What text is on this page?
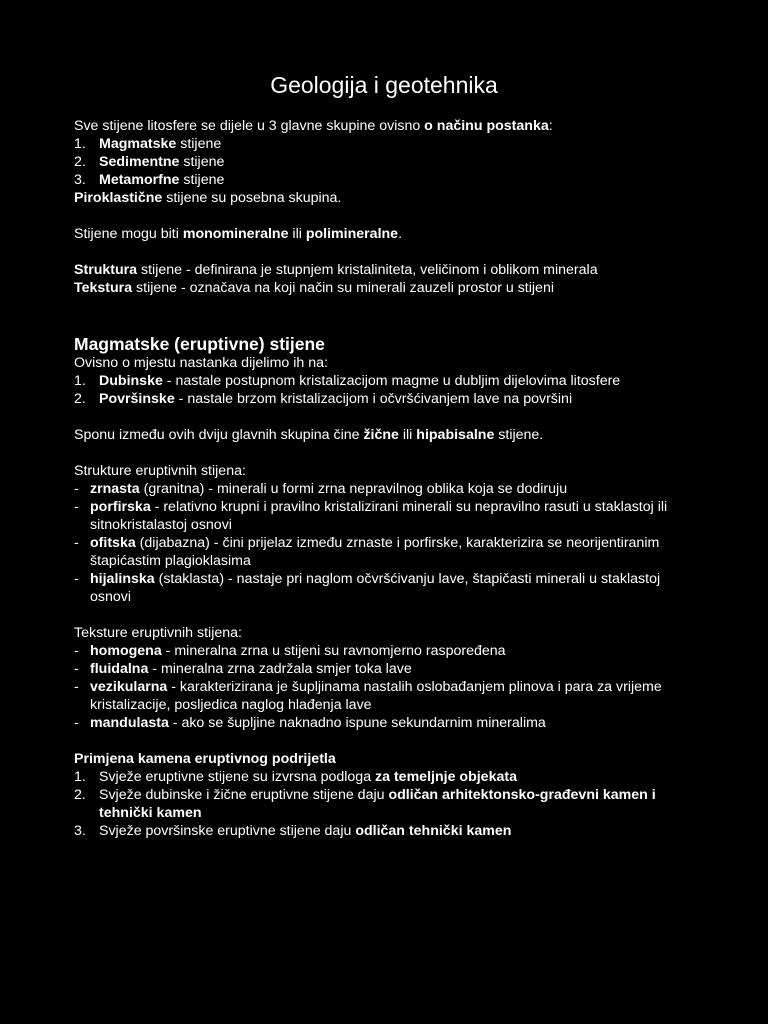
Geologija i geotehnika
Sve stijene litosfere se dijele u 3 glavne skupine ovisno o načinu postanka:
1. Magmatske stijene
2. Sedimentne stijene
3. Metamorfne stijene
Piroklastične stijene su posebna skupina.
Stijene mogu biti monomineralne ili polimineralne.
Struktura stijene - definirana je stupnjem kristaliniteta, veličinom i oblikom minerala
Tekstura stijene - označava na koji način su minerali zauzeli prostor u stijeni
Magmatske (eruptivne) stijene
Ovisno o mjestu nastanka dijelimo ih na:
1. Dubinske - nastale postupnom kristalizacijom magme u dubljim dijelovima litosfere
2. Površinske - nastale brzom kristalizacijom i očvršćivanjem lave na površini
Sponu između ovih dviju glavnih skupina čine žične ili hipabisalne stijene.
Strukture eruptivnih stijena:
- zrnasta (granitna) - minerali u formi zrna nepravilnog oblika koja se dodiruju
- porfirska - relativno krupni i pravilno kristalizirani minerali su nepravilno rasuti u staklastoj ili sitnokristalastoj osnovi
- ofitska (dijabazna) - čini prijelaz između zrnaste i porfirske, karakterizira se neorijentiranim štapićastim plagioklasima
- hijalinska (staklasta) - nastaje pri naglom očvršćivanju lave, štapičasti minerali u staklastoj osnovi
Teksture eruptivnih stijena:
- homogena - mineralna zrna u stijeni su ravnomjerno raspoređena
- fluidalna - mineralna zrna zadržala smjer toka lave
- vezikularna - karakterizirana je šupljinama nastalih oslobađanjem plinova i para za vrijeme kristalizacije, posljedica naglog hlađenja lave
- mandulasta - ako se šupljine naknadno ispune sekundarnim mineralima
Primjena kamena eruptivnog podrijetla
1. Svježe eruptivne stijene su izvrsna podloga za temeljnje objekata
2. Svježe dubinske i žične eruptivne stijene daju odličan arhitektonsko-građevni kamen i tehnički kamen
3. Svježe površinske eruptivne stijene daju odličan tehnički kamen
